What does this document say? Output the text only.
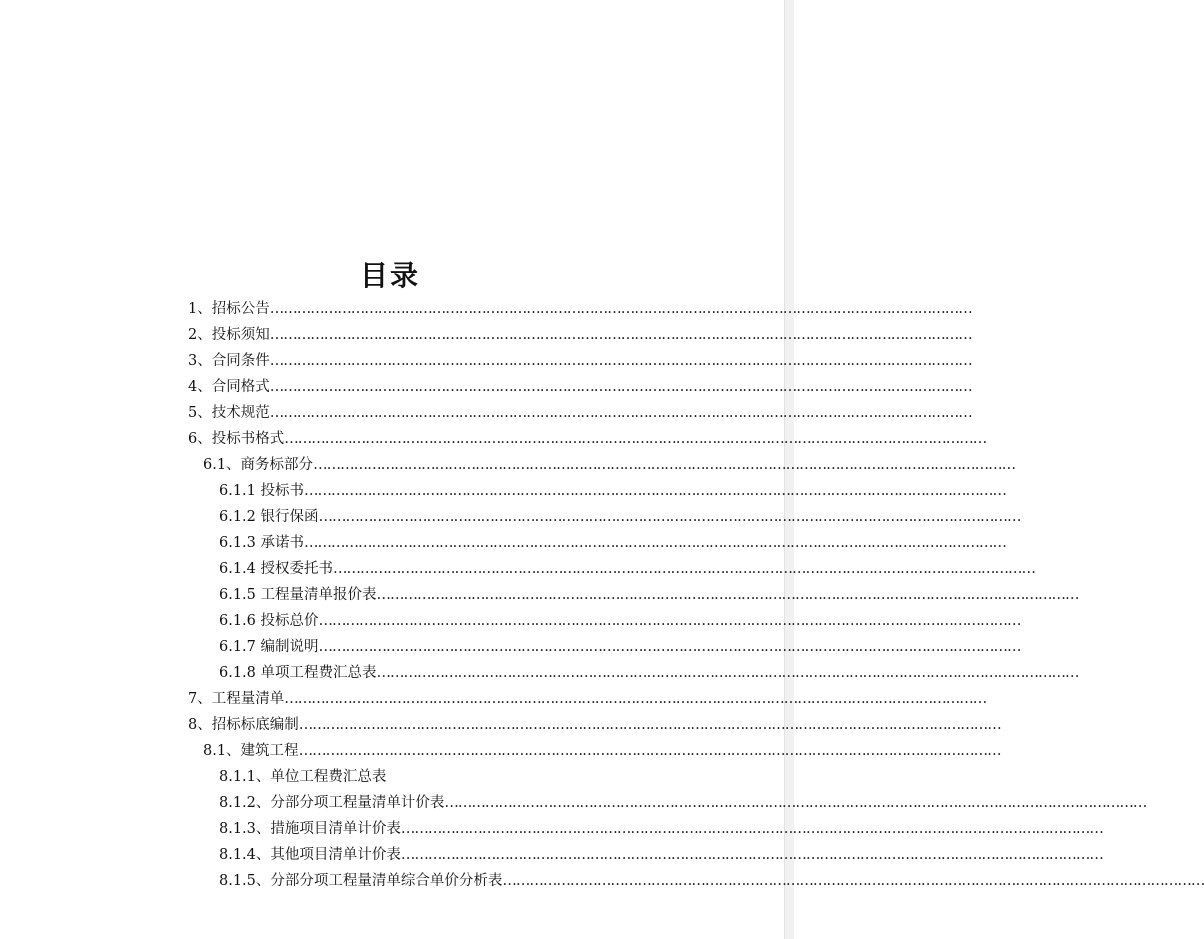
目录
1、招标公告…………………………………………………………………………………………………………………………………………
2、投标须知…………………………………………………………………………………………………………………………………………
3、合同条件…………………………………………………………………………………………………………………………………………
4、合同格式…………………………………………………………………………………………………………………………………………
5、技术规范…………………………………………………………………………………………………………………………………………
6、投标书格式…………………………………………………………………………………………………………………………………………
6.1、商务标部分…………………………………………………………………………………………………………………………………………
6.1.1 投标书…………………………………………………………………………………………………………………………………………
6.1.2 银行保函…………………………………………………………………………………………………………………………………………
6.1.3 承诺书…………………………………………………………………………………………………………………………………………
6.1.4 授权委托书…………………………………………………………………………………………………………………………………………
6.1.5 工程量清单报价表…………………………………………………………………………………………………………………………………………
6.1.6 投标总价…………………………………………………………………………………………………………………………………………
6.1.7 编制说明…………………………………………………………………………………………………………………………………………
6.1.8 单项工程费汇总表…………………………………………………………………………………………………………………………………………
7、工程量清单…………………………………………………………………………………………………………………………………………
8、招标标底编制…………………………………………………………………………………………………………………………………………
8.1、建筑工程…………………………………………………………………………………………………………………………………………
8.1.1、单位工程费汇总表
8.1.2、分部分项工程量清单计价表…………………………………………………………………………………………………………………………………………
8.1.3、措施项目清单计价表…………………………………………………………………………………………………………………………………………
8.1.4、其他项目清单计价表…………………………………………………………………………………………………………………………………………
8.1.5、分部分项工程量清单综合单价分析表…………………………………………………………………………………………………………………………………………
